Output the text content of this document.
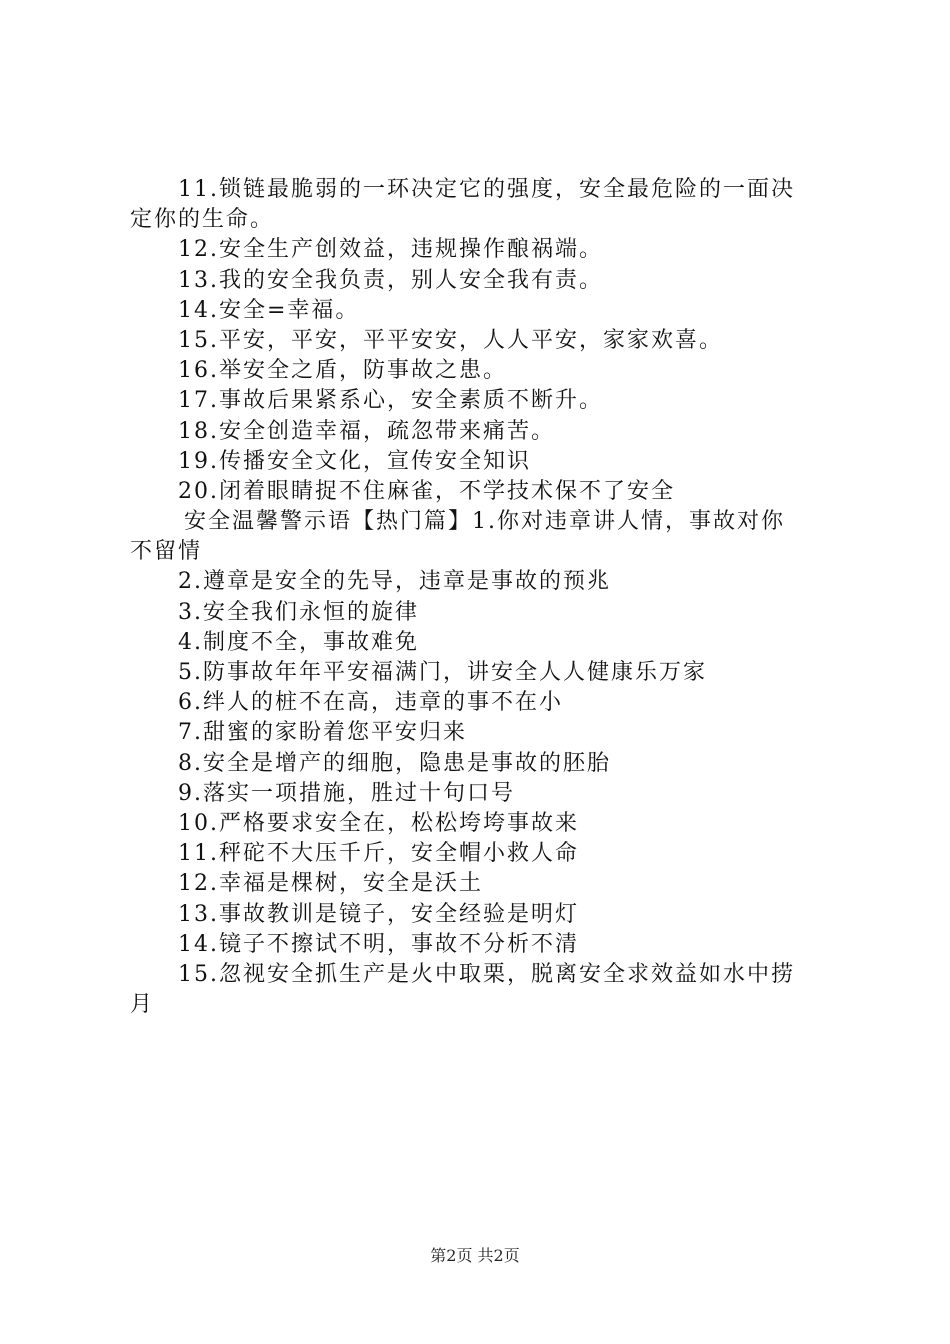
11.锁链最脆弱的一环决定它的强度，安全最危险的一面决
定你的生命。
12.安全生产创效益，违规操作酿祸端。
13.我的安全我负责，别人安全我有责。
14.安全=幸福。
15.平安，平安，平平安安，人人平安，家家欢喜。
16.举安全之盾，防事故之患。
17.事故后果紧系心，安全素质不断升。
18.安全创造幸福，疏忽带来痛苦。
19.传播安全文化，宣传安全知识
20.闭着眼睛捉不住麻雀，不学技术保不了安全
安全温馨警示语【热门篇】1.你对违章讲人情，事故对你
不留情
2.遵章是安全的先导，违章是事故的预兆
3.安全我们永恒的旋律
4.制度不全，事故难免
5.防事故年年平安福满门，讲安全人人健康乐万家
6.绊人的桩不在高，违章的事不在小
7.甜蜜的家盼着您平安归来
8.安全是增产的细胞，隐患是事故的胚胎
9.落实一项措施，胜过十句口号
10.严格要求安全在，松松垮垮事故来
11.秤砣不大压千斤，安全帽小救人命
12.幸福是棵树，安全是沃土
13.事故教训是镜子，安全经验是明灯
14.镜子不擦试不明，事故不分析不清
15.忽视安全抓生产是火中取栗，脱离安全求效益如水中捞
月
第2页 共2页
